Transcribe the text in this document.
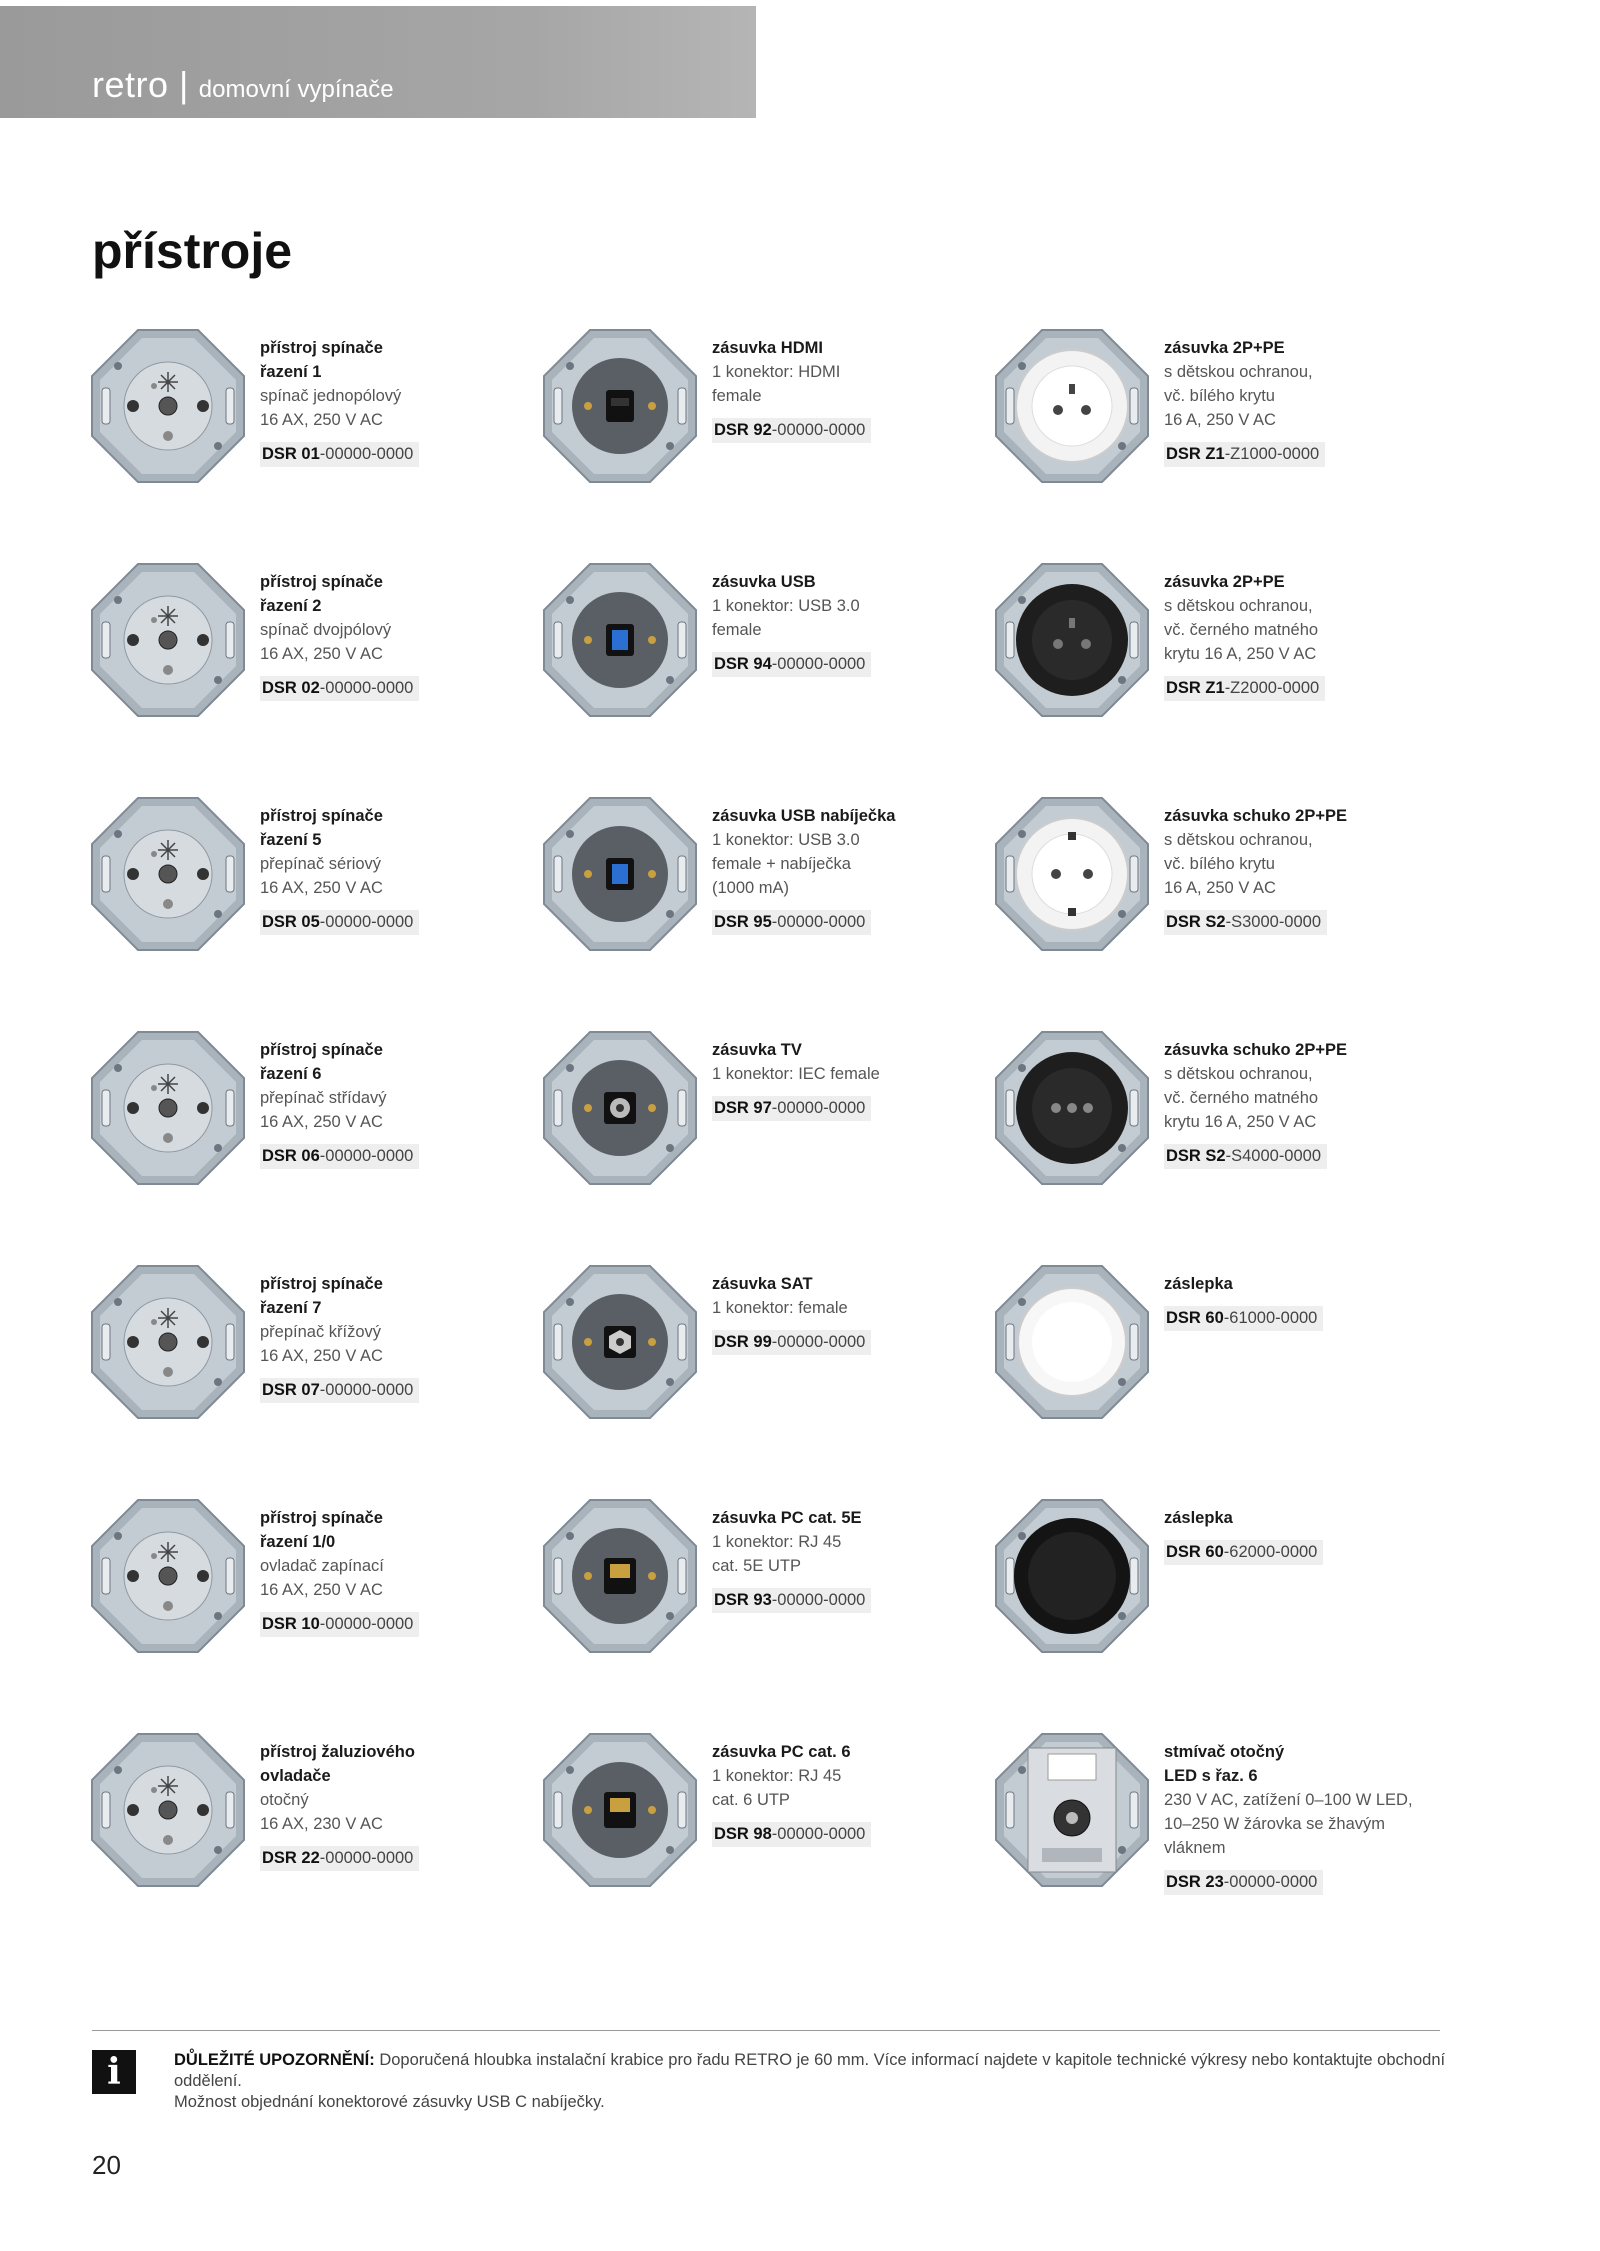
retro | domovní vypínače
přístroje
přístroj spínače
řazení 1
spínač jednopólový
16 AX, 250 V AC
DSR 01-00000-0000
zásuvka HDMI
1 konektor: HDMI
female
DSR 92-00000-0000
zásuvka 2P+PE
s dětskou ochranou,
vč. bílého krytu
16 A, 250 V AC
DSR Z1-Z1000-0000
přístroj spínače
řazení 2
spínač dvojpólový
16 AX, 250 V AC
DSR 02-00000-0000
zásuvka USB
1 konektor: USB 3.0
female
DSR 94-00000-0000
zásuvka 2P+PE
s dětskou ochranou,
vč. černého matného
krytu 16 A, 250 V AC
DSR Z1-Z2000-0000
přístroj spínače
řazení 5
přepínač sériový
16 AX, 250 V AC
DSR 05-00000-0000
zásuvka USB nabíječka
1 konektor: USB 3.0
female + nabíječka
(1000 mA)
DSR 95-00000-0000
zásuvka schuko 2P+PE
s dětskou ochranou,
vč. bílého krytu
16 A, 250 V AC
DSR S2-S3000-0000
přístroj spínače
řazení 6
přepínač střídavý
16 AX, 250 V AC
DSR 06-00000-0000
zásuvka TV
1 konektor: IEC female
DSR 97-00000-0000
zásuvka schuko 2P+PE
s dětskou ochranou,
vč. černého matného
krytu 16 A, 250 V AC
DSR S2-S4000-0000
přístroj spínače
řazení 7
přepínač křížový
16 AX, 250 V AC
DSR 07-00000-0000
zásuvka SAT
1 konektor: female
DSR 99-00000-0000
záslepka
DSR 60-61000-0000
přístroj spínače
řazení 1/0
ovladač zapínací
16 AX, 250 V AC
DSR 10-00000-0000
zásuvka PC cat. 5E
1 konektor: RJ 45
cat. 5E UTP
DSR 93-00000-0000
záslepka
DSR 60-62000-0000
přístroj žaluziového
ovladače
otočný
16 AX, 230 V AC
DSR 22-00000-0000
zásuvka PC cat. 6
1 konektor: RJ 45
cat. 6 UTP
DSR 98-00000-0000
stmívač otočný
LED s řaz. 6
230 V AC, zatížení 0–100 W LED,
10–250 W žárovka se žhavým
vláknem
DSR 23-00000-0000
i	DŮLEŽITÉ UPOZORNĚNÍ: Doporučená hloubka instalační krabice pro řadu RETRO je 60 mm. Více informací najdete v kapitole technické výkresy nebo kontaktujte obchodní oddělení.
Možnost objednání konektorové zásuvky USB C nabíječky.
20
